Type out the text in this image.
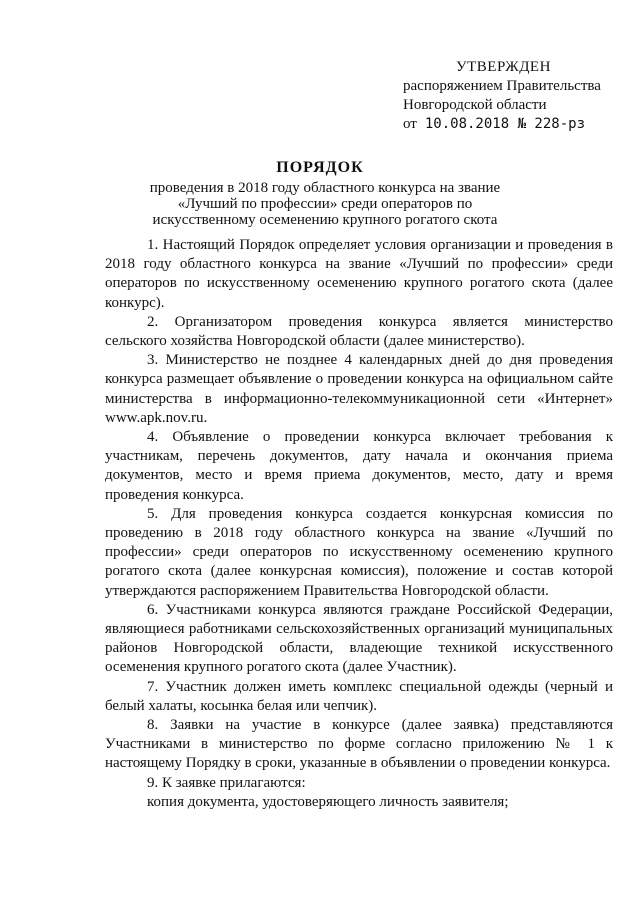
УТВЕРЖДЕН
распоряжением Правительства
Новгородской области
от 10.08.2018 № 228-рз
ПОРЯДОК
проведения в 2018 году областного конкурса на звание «Лучший по профессии» среди операторов по искусственному осеменению крупного рогатого скота

1. Настоящий Порядок определяет условия организации и проведения в 2018 году областного конкурса на звание «Лучший по профессии» среди операторов по искусственному осеменению крупного рогатого скота (далее конкурс).

2. Организатором проведения конкурса является министерство сельского хозяйства Новгородской области (далее министерство).

3. Министерство не позднее 4 календарных дней до дня проведения конкурса размещает объявление о проведении конкурса на официальном сайте министерства в информационно-телекоммуникационной сети «Интернет» www.apk.nov.ru.

4. Объявление о проведении конкурса включает требования к участникам, перечень документов, дату начала и окончания приема документов, место и время приема документов, место, дату и время проведения конкурса.

5. Для проведения конкурса создается конкурсная комиссия по проведению в 2018 году областного конкурса на звание «Лучший по профессии» среди операторов по искусственному осеменению крупного рогатого скота (далее конкурсная комиссия), положение и состав которой утверждаются распоряжением Правительства Новгородской области.

6. Участниками конкурса являются граждане Российской Федерации, являющиеся работниками сельскохозяйственных организаций муниципальных районов Новгородской области, владеющие техникой искусственного осеменения крупного рогатого скота (далее Участник).

7. Участник должен иметь комплекс специальной одежды (черный и белый халаты, косынка белая или чепчик).

8. Заявки на участие в конкурсе (далее заявка) представляются Участниками в министерство по форме согласно приложению № 1 к настоящему Порядку в сроки, указанные в объявлении о проведении конкурса.

9. К заявке прилагаются:

копия документа, удостоверяющего личность заявителя;
